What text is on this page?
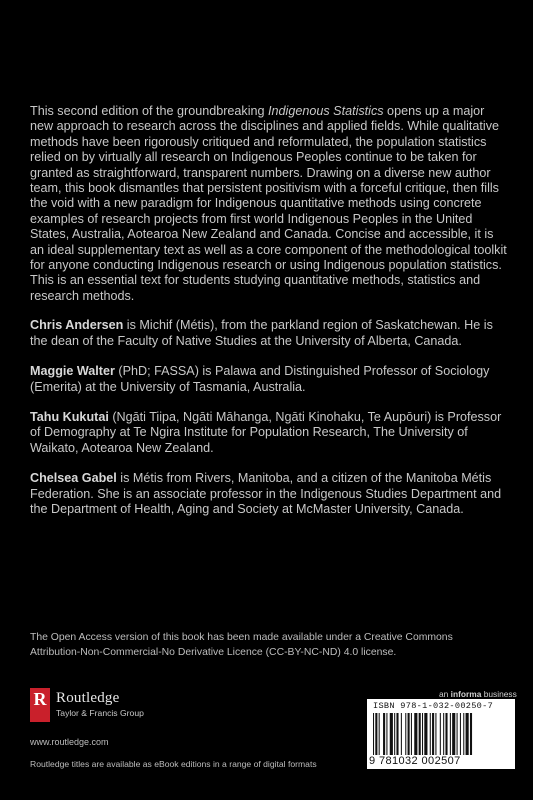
This second edition of the groundbreaking Indigenous Statistics opens up a major new approach to research across the disciplines and applied fields. While qualitative methods have been rigorously critiqued and reformulated, the population statistics relied on by virtually all research on Indigenous Peoples continue to be taken for granted as straightforward, transparent numbers. Drawing on a diverse new author team, this book dismantles that persistent positivism with a forceful critique, then fills the void with a new paradigm for Indigenous quantitative methods using concrete examples of research projects from first world Indigenous Peoples in the United States, Australia, Aotearoa New Zealand and Canada. Concise and accessible, it is an ideal supplementary text as well as a core component of the methodological toolkit for anyone conducting Indigenous research or using Indigenous population statistics. This is an essential text for students studying quantitative methods, statistics and research methods.

Chris Andersen is Michif (Métis), from the parkland region of Saskatchewan. He is the dean of the Faculty of Native Studies at the University of Alberta, Canada.

Maggie Walter (PhD; FASSA) is Palawa and Distinguished Professor of Sociology (Emerita) at the University of Tasmania, Australia.

Tahu Kukutai (Ngāti Tiipa, Ngāti Māhanga, Ngāti Kinohaku, Te Aupōuri) is Professor of Demography at Te Ngira Institute for Population Research, The University of Waikato, Aotearoa New Zealand.

Chelsea Gabel is Métis from Rivers, Manitoba, and a citizen of the Manitoba Métis Federation. She is an associate professor in the Indigenous Studies Department and the Department of Health, Aging and Society at McMaster University, Canada.

The Open Access version of this book has been made available under a Creative Commons Attribution-Non-Commercial-No Derivative Licence (CC-BY-NC-ND) 4.0 license.
R Routledge
Taylor & Francis Group
www.routledge.com
Routledge titles are available as eBook editions in a range of digital formats
an informa business
ISBN 978-1-032-00250-7
9 781032 002507
